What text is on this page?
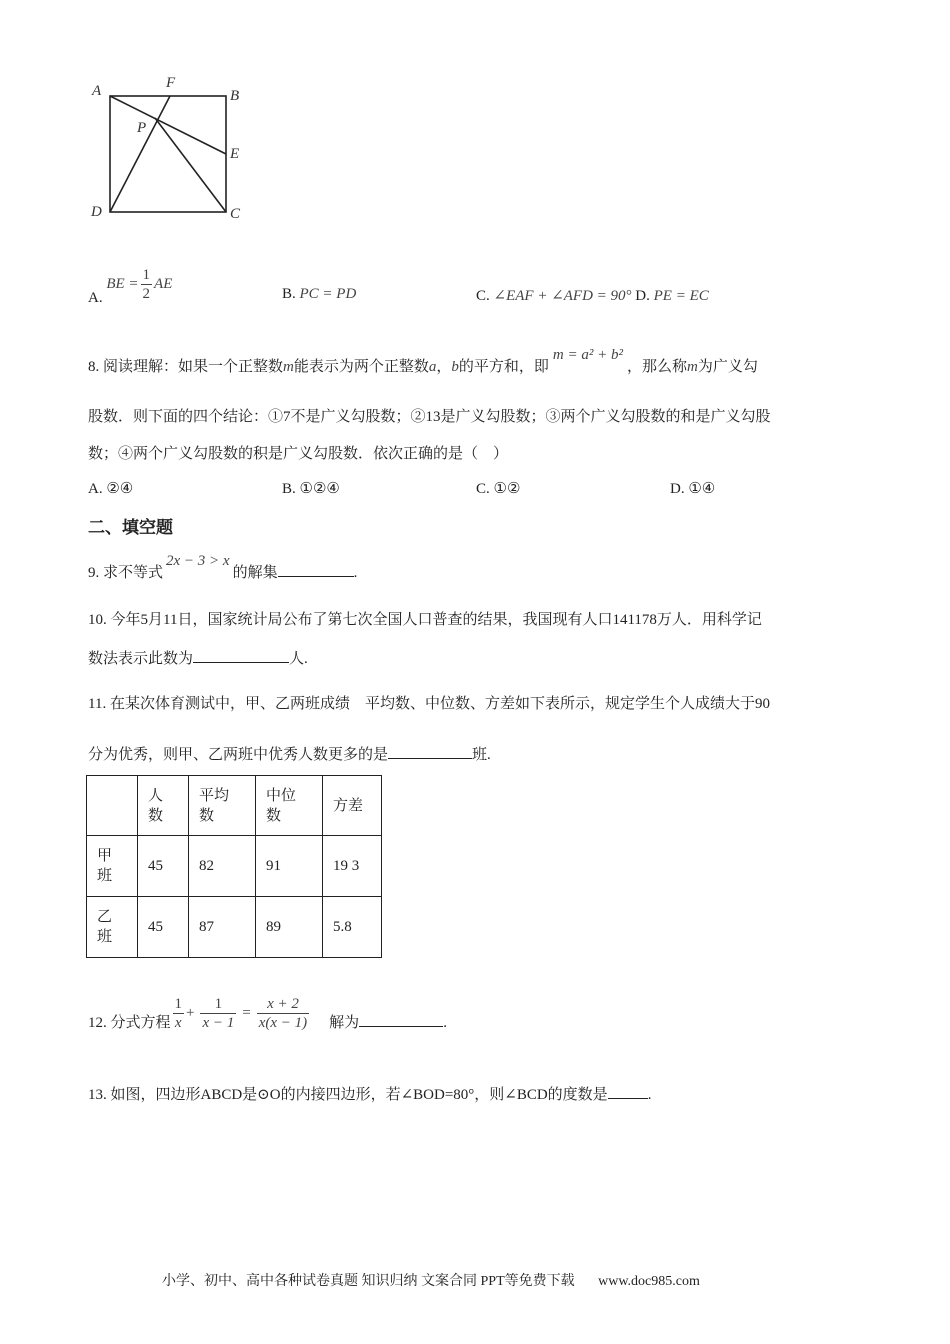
A	F
B
P
E
D	C
A. BE = $\frac{1}{2}$ AE
B. PC = PD	C. ∠EAF + ∠AFD = 90° D. PE = EC
8. 阅读理解：如果一个正整数m能表示为两个正整数a，b的平方和，即m = a² + b²，那么称m为广义勾
股数．则下面的四个结论：①7不是广义勾股数；②13是广义勾股数；③两个广义勾股数的和是广义勾股
数；④两个广义勾股数的积是广义勾股数．依次正确的是（　）
A. ②④	B. ①②④	C. ①②	D. ①④
二、填空题
9. 求不等式2x − 3 > x的解集	.
10. 今年5月11日，国家统计局公布了第七次全国人口普查的结果，我国现有人口141178万人．用科学记
数法表示此数为	人.
11. 在某次体育测试中，甲、乙两班成绩　平均数、中位数、方差如下表所示，规定学生个人成绩大于90
分为优秀，则甲、乙两班中优秀人数更多的是	班.
	人数	平均数	中位数	方差
甲班	45	82	91	19 3
乙班	45	87	89	5.8
12. 分式方程 $\frac{1}{x} + \frac{1}{x - 1} = \frac{x + 2}{x(x - 1)}$ 解为	.
13. 如图，四边形ABCD是⊙O的内接四边形，若∠BOD=80°，则∠BCD的度数是	.
小学、初中、高中各种试卷真题 知识归纳 文案合同 PPT等免费下载 www.doc985.com
